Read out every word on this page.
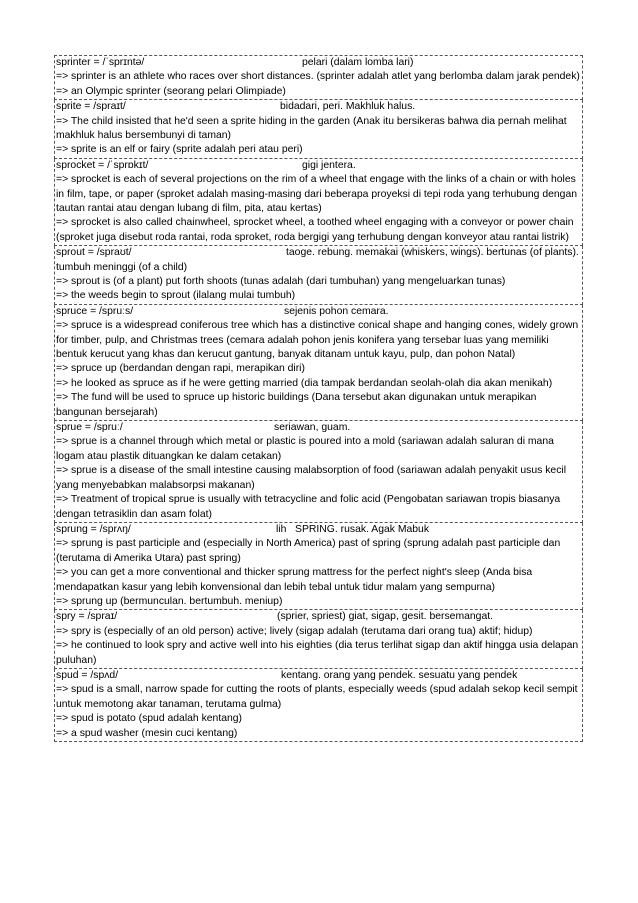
sprinter = /ˈsprɪntə/	pelari (dalam lomba lari)
=> sprinter is an athlete who races over short distances. (sprinter adalah atlet yang berlomba dalam jarak pendek)
=> an Olympic sprinter (seorang pelari Olimpiade)
sprite = /spraɪt/	bidadari, peri. Makhluk halus.
=> The child insisted that he'd seen a sprite hiding in the garden (Anak itu bersikeras bahwa dia pernah melihat makhluk halus bersembunyi di taman)
=> sprite is an elf or fairy (sprite adalah peri atau peri)
sprocket = /ˈsprɒkɪt/	gigi jentera.
=> sprocket is each of several projections on the rim of a wheel that engage with the links of a chain or with holes in film, tape, or paper (sproket adalah masing-masing dari beberapa proyeksi di tepi roda yang terhubung dengan tautan rantai atau dengan lubang di film, pita, atau kertas)
=> sprocket is also called chainwheel, sprocket wheel, a toothed wheel engaging with a conveyor or power chain (sproket juga disebut roda rantai, roda sproket, roda bergigi yang terhubung dengan konveyor atau rantai listrik)
sprout = /spraʊt/	taoge. rebung. memakai (whiskers, wings). bertunas (of plants). tumbuh meninggi (of a child)
=> sprout is (of a plant) put forth shoots (tunas adalah (dari tumbuhan) yang mengeluarkan tunas)
=> the weeds begin to sprout (ilalang mulai tumbuh)
spruce = /spruːs/	sejenis pohon cemara.
=> spruce is a widespread coniferous tree which has a distinctive conical shape and hanging cones, widely grown for timber, pulp, and Christmas trees (cemara adalah pohon jenis konifera yang tersebar luas yang memiliki bentuk kerucut yang khas dan kerucut gantung, banyak ditanam untuk kayu, pulp, dan pohon Natal)
=> spruce up (berdandan dengan rapi, merapikan diri)
=> he looked as spruce as if he were getting married (dia tampak berdandan seolah-olah dia akan menikah)
=> The fund will be used to spruce up historic buildings (Dana tersebut akan digunakan untuk merapikan bangunan bersejarah)
sprue = /spruː/	seriawan, guam.
=> sprue is a channel through which metal or plastic is poured into a mold (sariawan adalah saluran di mana logam atau plastik dituangkan ke dalam cetakan)
=> sprue is a disease of the small intestine causing malabsorption of food (sariawan adalah penyakit usus kecil yang menyebabkan malabsorpsi makanan)
=> Treatment of tropical sprue is usually with tetracycline and folic acid (Pengobatan sariawan tropis biasanya dengan tetrasiklin dan asam folat)
sprung = /sprʌŋ/	lih   SPRING. rusak. Agak Mabuk
=> sprung is past participle and (especially in North America) past of spring (sprung adalah past participle dan (terutama di Amerika Utara) past spring)
=> you can get a more conventional and thicker sprung mattress for the perfect night's sleep (Anda bisa mendapatkan kasur yang lebih konvensional dan lebih tebal untuk tidur malam yang sempurna)
=> sprung up (bermunculan. bertumbuh. meniup)
spry = /spraɪ/	(sprier, spriest) giat, sigap, gesit. bersemangat.
=> spry is (especially of an old person) active; lively (sigap adalah (terutama dari orang tua) aktif; hidup)
=> he continued to look spry and active well into his eighties (dia terus terlihat sigap dan aktif hingga usia delapan puluhan)
spud = /spʌd/	kentang. orang yang pendek. sesuatu yang pendek
=> spud is a small, narrow spade for cutting the roots of plants, especially weeds (spud adalah sekop kecil sempit untuk memotong akar tanaman, terutama gulma)
=> spud is potato (spud adalah kentang)
=> a spud washer (mesin cuci kentang)
